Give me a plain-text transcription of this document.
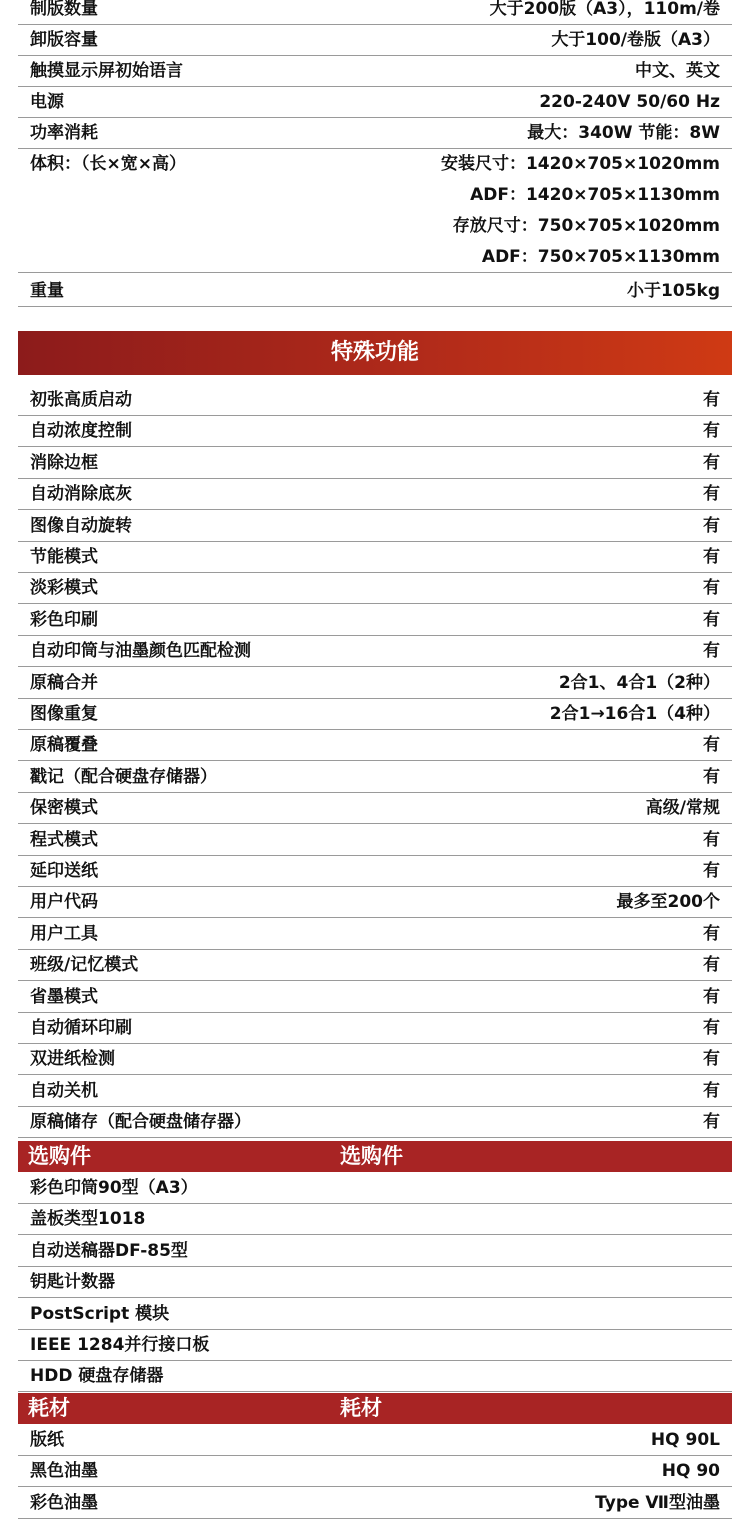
制版数量	大于200版（A3），110m/卷
卸版容量	大于100/卷版（A3）
触摸显示屏初始语言	中文、英文
电源	220-240V 50/60 Hz
功率消耗	最大：340W 节能：8W
体积：（长×宽×高）	安装尺寸：1420×705×1020mm
ADF：1420×705×1130mm
存放尺寸：750×705×1020mm
ADF：750×705×1130mm
重量	小于105kg
特殊功能
初张高质启动	有
自动浓度控制	有
消除边框	有
自动消除底灰	有
图像自动旋转	有
节能模式	有
淡彩模式	有
彩色印刷	有
自动印筒与油墨颜色匹配检测	有
原稿合并	2合1、4合1（2种）
图像重复	2合1→16合1（4种）
原稿覆叠	有
戳记（配合硬盘存储器）	有
保密模式	高级/常规
程式模式	有
延印送纸	有
用户代码	最多至200个
用户工具	有
班级/记忆模式	有
省墨模式	有
自动循环印刷	有
双进纸检测	有
自动关机	有
原稿储存（配合硬盘储存器）	有
选购件	选购件
彩色印筒90型（A3）
盖板类型1018
自动送稿器DF-85型
钥匙计数器
PostScript 模块
IEEE 1284并行接口板
HDD 硬盘存储器
耗材	耗材
版纸	HQ 90L
黑色油墨	HQ 90
彩色油墨	Type Ⅶ型油墨
